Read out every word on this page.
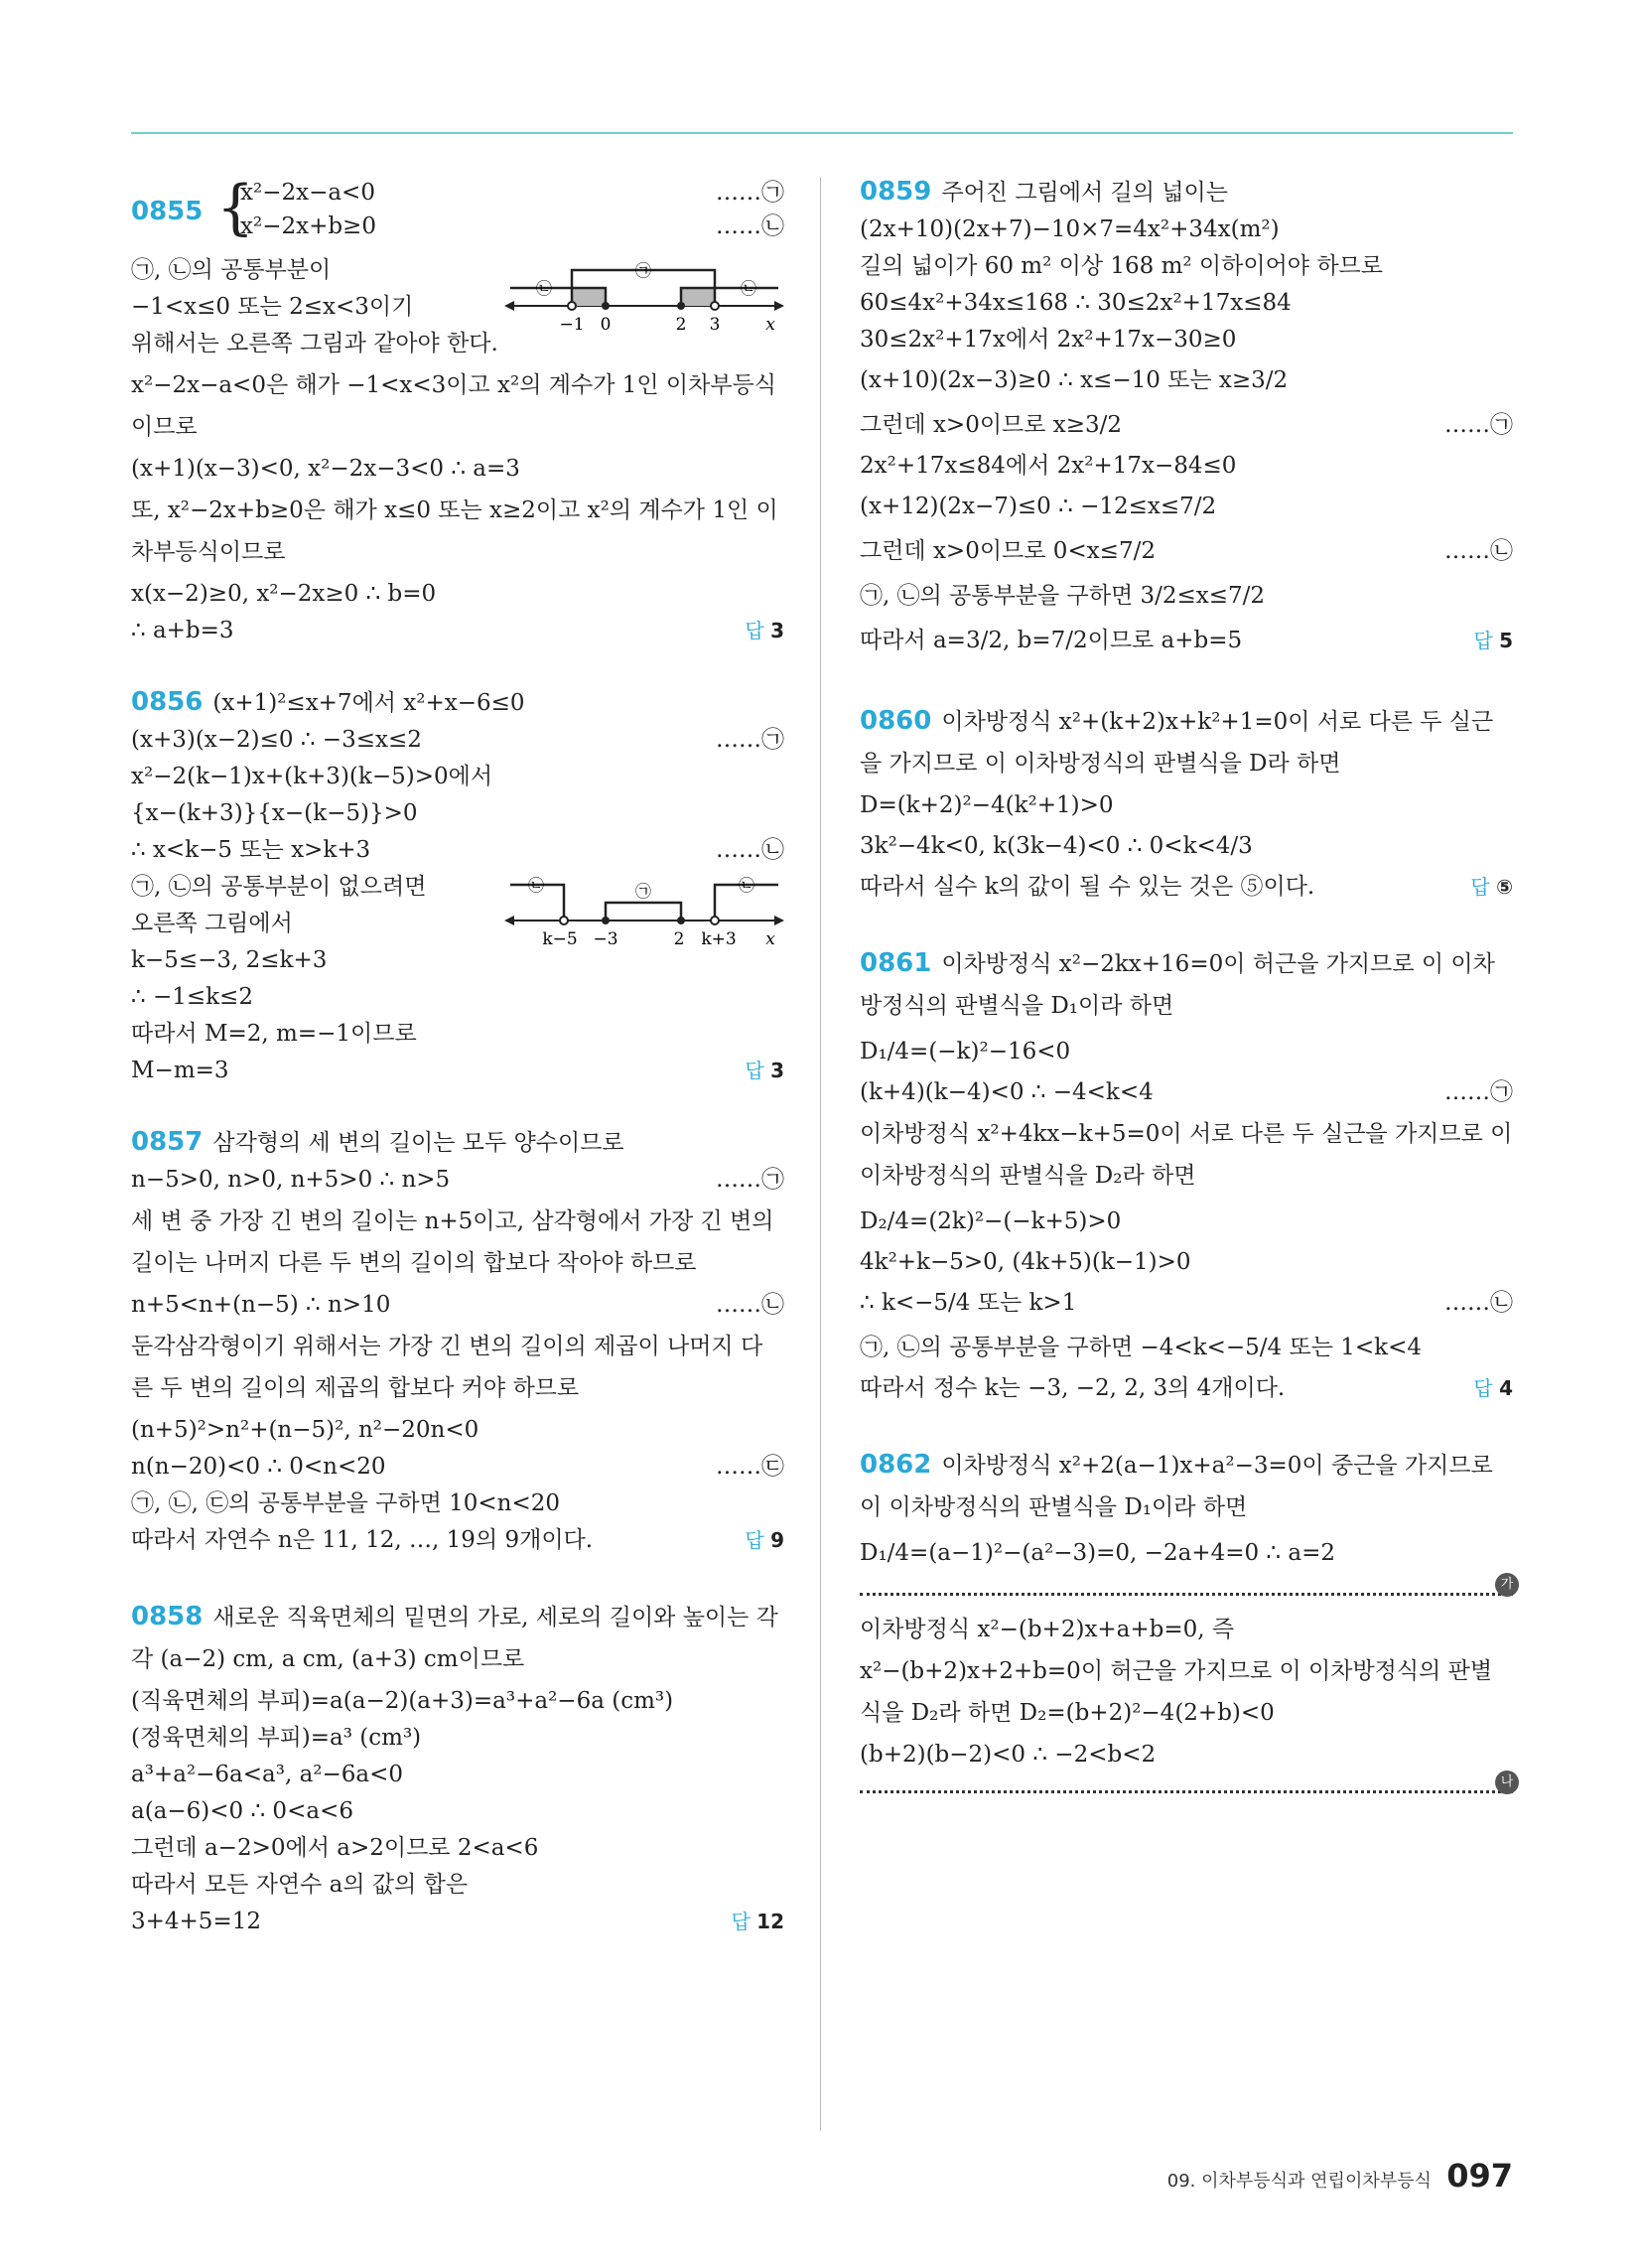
0855 {
x²−2x−a<0
x²−2x+b≥0
……㉠
……㉡
㉡
㉠
㉡
−1 0	2 3	x
㉠, ㉡의 공통부분이
−1<x≤0 또는 2≤x<3이기
위해서는 오른쪽 그림과 같아야 한다.
x²−2x−a<0은 해가 −1<x<3이고 x²의 계수가 1인 이차부등식이므로
(x+1)(x−3)<0, x²−2x−3<0 ∴ a=3
또, x²−2x+b≥0은 해가 x≤0 또는 x≥2이고 x²의 계수가 1인 이차부등식이므로
x(x−2)≥0, x²−2x≥0 ∴ b=0
∴ a+b=3	답 3
0856 (x+1)²≤x+7에서 x²+x−6≤0
(x+3)(x−2)≤0 ∴ −3≤x≤2	……㉠
x²−2(k−1)x+(k+3)(k−5)>0에서
{x−(k+3)}{x−(k−5)}>0
∴ x<k−5 또는 x>k+3	……㉡
㉡	㉠	㉡
k−5 −3	2 k+3 x
㉠, ㉡의 공통부분이 없으려면
오른쪽 그림에서
k−5≤−3, 2≤k+3
∴ −1≤k≤2
따라서 M=2, m=−1이므로
M−m=3	답 3
0857 삼각형의 세 변의 길이는 모두 양수이므로
n−5>0, n>0, n+5>0 ∴ n>5	……㉠
세 변 중 가장 긴 변의 길이는 n+5이고, 삼각형에서 가장 긴 변의 길이는 나머지 다른 두 변의 길이의 합보다 작아야 하므로
n+5<n+(n−5) ∴ n>10	……㉡
둔각삼각형이기 위해서는 가장 긴 변의 길이의 제곱이 나머지 다른 두 변의 길이의 제곱의 합보다 커야 하므로
(n+5)²>n²+(n−5)², n²−20n<0
n(n−20)<0 ∴ 0<n<20	……㉢
㉠, ㉡, ㉢의 공통부분을 구하면 10<n<20
따라서 자연수 n은 11, 12, …, 19의 9개이다.	답 9
0858 새로운 직육면체의 밑면의 가로, 세로의 길이와 높이는 각각 (a−2) cm, a cm, (a+3) cm이므로
(직육면체의 부피)=a(a−2)(a+3)=a³+a²−6a (cm³)
(정육면체의 부피)=a³ (cm³)
a³+a²−6a<a³, a²−6a<0
a(a−6)<0 ∴ 0<a<6
그런데 a−2>0에서 a>2이므로 2<a<6
따라서 모든 자연수 a의 값의 합은
3+4+5=12	답 12
0859 주어진 그림에서 길의 넓이는
(2x+10)(2x+7)−10×7=4x²+34x(m²)
길의 넓이가 60 m² 이상 168 m² 이하이어야 하므로
60≤4x²+34x≤168 ∴ 30≤2x²+17x≤84
30≤2x²+17x에서 2x²+17x−30≥0
(x+10)(2x−3)≥0 ∴ x≤−10 또는 x≥3/2
그런데 x>0이므로 x≥3/2	……㉠
2x²+17x≤84에서 2x²+17x−84≤0
(x+12)(2x−7)≤0 ∴ −12≤x≤7/2
그런데 x>0이므로 0<x≤7/2	……㉡
㉠, ㉡의 공통부분을 구하면 3/2≤x≤7/2
따라서 a=3/2, b=7/2이므로 a+b=5	답 5
0860 이차방정식 x²+(k+2)x+k²+1=0이 서로 다른 두 실근을 가지므로 이 이차방정식의 판별식을 D라 하면
D=(k+2)²−4(k²+1)>0
3k²−4k<0, k(3k−4)<0 ∴ 0<k<4/3
따라서 실수 k의 값이 될 수 있는 것은 ⑤이다.	답 ⑤
0861 이차방정식 x²−2kx+16=0이 허근을 가지므로 이 이차방정식의 판별식을 D₁이라 하면
D₁/4=(−k)²−16<0
(k+4)(k−4)<0 ∴ −4<k<4	……㉠
이차방정식 x²+4kx−k+5=0이 서로 다른 두 실근을 가지므로 이 이차방정식의 판별식을 D₂라 하면
D₂/4=(2k)²−(−k+5)>0
4k²+k−5>0, (4k+5)(k−1)>0
∴ k<−5/4 또는 k>1	……㉡
㉠, ㉡의 공통부분을 구하면 −4<k<−5/4 또는 1<k<4
따라서 정수 k는 −3, −2, 2, 3의 4개이다.	답 4
0862 이차방정식 x²+2(a−1)x+a²−3=0이 중근을 가지므로 이 이차방정식의 판별식을 D₁이라 하면
D₁/4=(a−1)²−(a²−3)=0, −2a+4=0 ∴ a=2
가
이차방정식 x²−(b+2)x+a+b=0, 즉
x²−(b+2)x+2+b=0이 허근을 가지므로 이 이차방정식의 판별식을 D₂라 하면 D₂=(b+2)²−4(2+b)<0
(b+2)(b−2)<0 ∴ −2<b<2
나
09. 이차부등식과 연립이차부등식 097
